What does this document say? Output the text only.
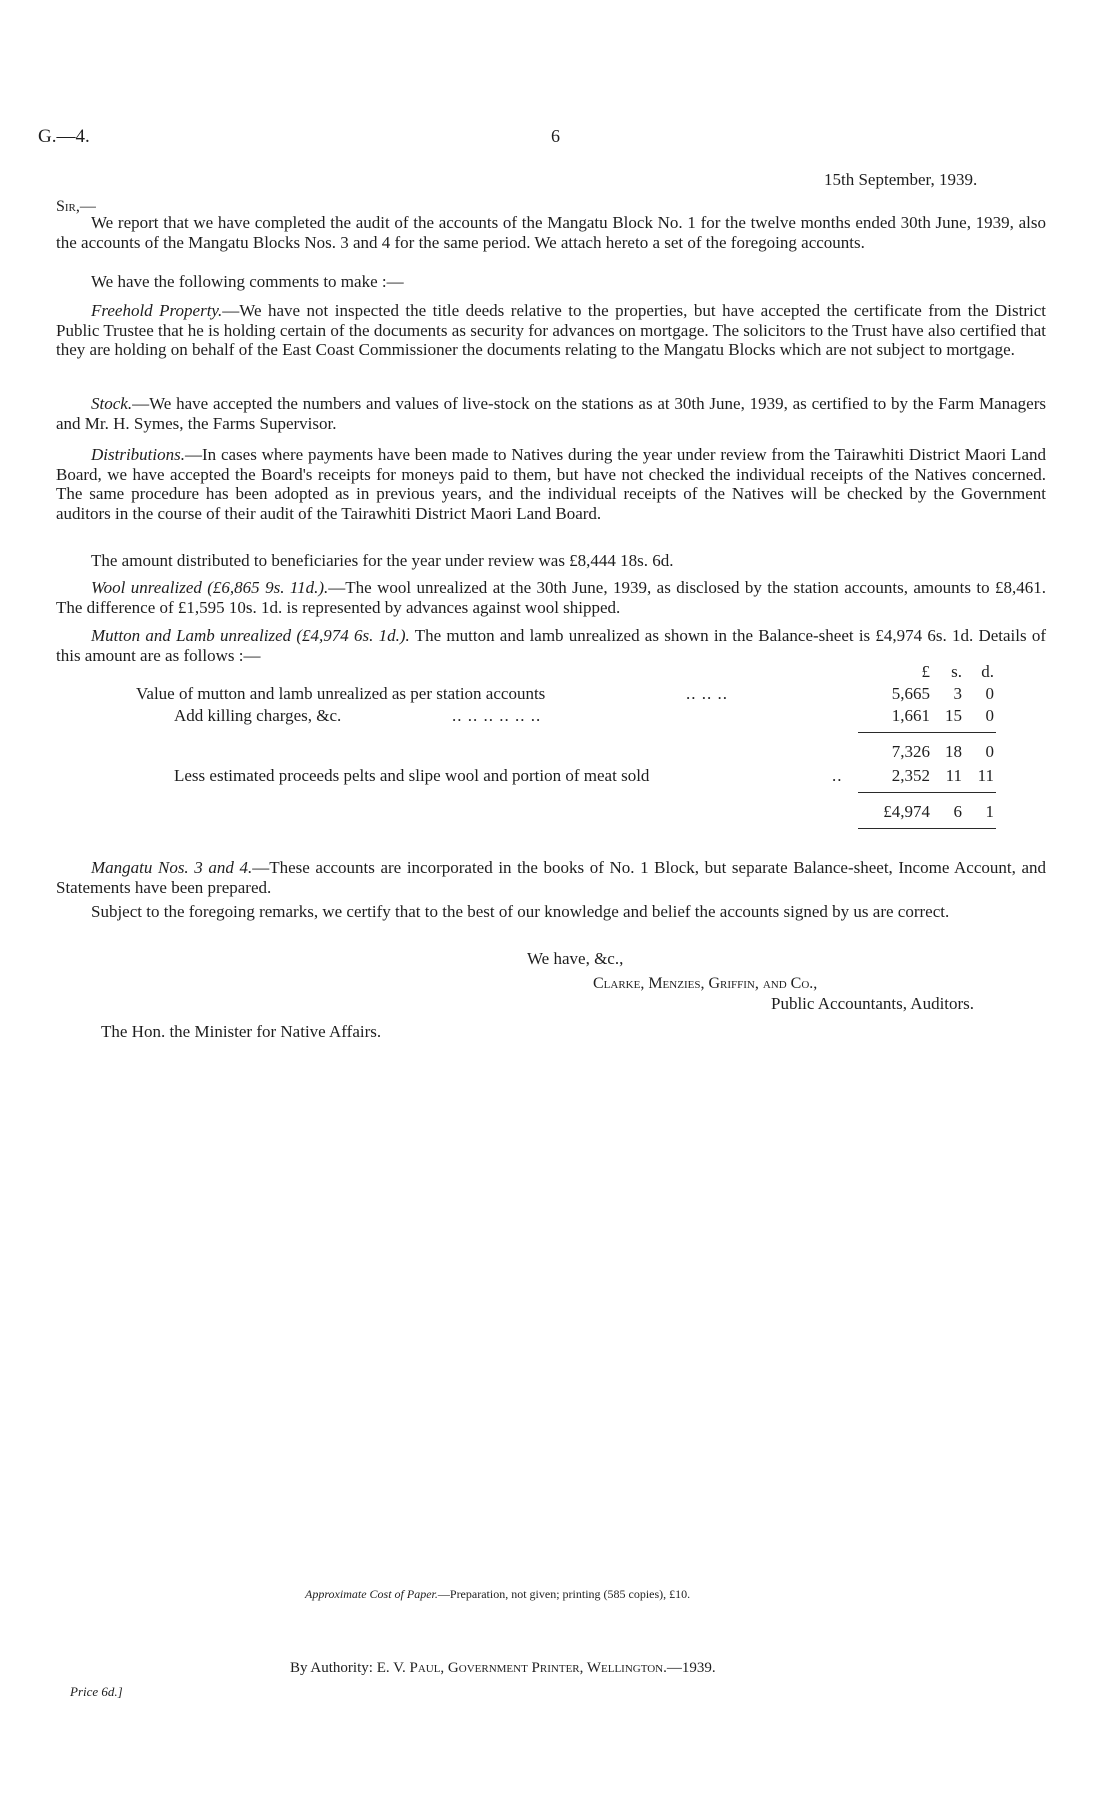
G.—4.	6
15th September, 1939.
Sir,—
We report that we have completed the audit of the accounts of the Mangatu Block No. 1 for the twelve months ended 30th June, 1939, also the accounts of the Mangatu Blocks Nos. 3 and 4 for the same period. We attach hereto a set of the foregoing accounts.
We have the following comments to make :—
Freehold Property.—We have not inspected the title deeds relative to the properties, but have accepted the certificate from the District Public Trustee that he is holding certain of the documents as security for advances on mortgage. The solicitors to the Trust have also certified that they are holding on behalf of the East Coast Commissioner the documents relating to the Mangatu Blocks which are not subject to mortgage.
Stock.—We have accepted the numbers and values of live-stock on the stations as at 30th June, 1939, as certified to by the Farm Managers and Mr. H. Symes, the Farms Supervisor.
Distributions.—In cases where payments have been made to Natives during the year under review from the Tairawhiti District Maori Land Board, we have accepted the Board's receipts for moneys paid to them, but have not checked the individual receipts of the Natives concerned. The same procedure has been adopted as in previous years, and the individual receipts of the Natives will be checked by the Government auditors in the course of their audit of the Tairawhiti District Maori Land Board.
The amount distributed to beneficiaries for the year under review was £8,444 18s. 6d.
Wool unrealized (£6,865 9s. 11d.).—The wool unrealized at the 30th June, 1939, as disclosed by the station accounts, amounts to £8,461. The difference of £1,595 10s. 1d. is represented by advances against wool shipped.
Mutton and Lamb unrealized (£4,974 6s. 1d.). The mutton and lamb unrealized as shown in the Balance-sheet is £4,974 6s. 1d. Details of this amount are as follows :—
£	s.	d.
Value of mutton and lamb unrealized as per station accounts	.. .. ..	5,665	3	0
Add killing charges, &c.	.. .. .. .. .. ..	1,661 15	0
7,326 18	0
Less estimated proceeds pelts and slipe wool and portion of meat sold	..	2,352 11 11
£4,974	6	1
Mangatu Nos. 3 and 4.—These accounts are incorporated in the books of No. 1 Block, but separate Balance-sheet, Income Account, and Statements have been prepared.
Subject to the foregoing remarks, we certify that to the best of our knowledge and belief the accounts signed by us are correct.
We have, &c.,
Clarke, Menzies, Griffin, and Co.,
Public Accountants, Auditors.
The Hon. the Minister for Native Affairs.
Approximate Cost of Paper.—Preparation, not given; printing (585 copies), £10.
By Authority: E. V. Paul, Government Printer, Wellington.—1939.
Price 6d.]
